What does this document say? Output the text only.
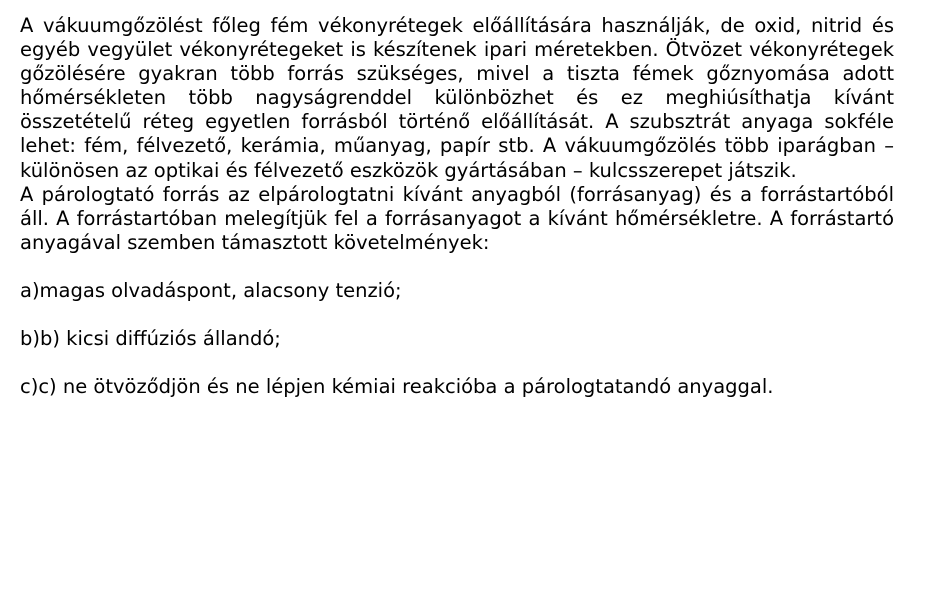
A vákuumgőzölést főleg fém vékonyrétegek előállítására használják, de oxid, nitrid és egyéb vegyület vékonyrétegeket is készítenek ipari méretekben. Ötvözet vékonyrétegek gőzölésére gyakran több forrás szükséges, mivel a tiszta fémek gőznyomása adott hőmérsékleten több nagyságrenddel különbözhet és ez meghiúsíthatja kívánt összetételű réteg egyetlen forrásból történő előállítását. A szubsztrát anyaga sokféle lehet: fém, félvezető, kerámia, műanyag, papír stb. A vákuumgőzölés több iparágban – különösen az optikai és félvezető eszközök gyártásában – kulcsszerepet játszik.

A párologtató forrás az elpárologtatni kívánt anyagból (forrásanyag) és a forrástartóból áll. A forrástartóban melegítjük fel a forrásanyagot a kívánt hőmérsékletre. A forrástartó anyagával szemben támasztott követelmények:

a)magas olvadáspont, alacsony tenzió;
b)b) kicsi diffúziós állandó;
c)c) ne ötvöződjön és ne lépjen kémiai reakcióba a párologtatandó anyaggal.
